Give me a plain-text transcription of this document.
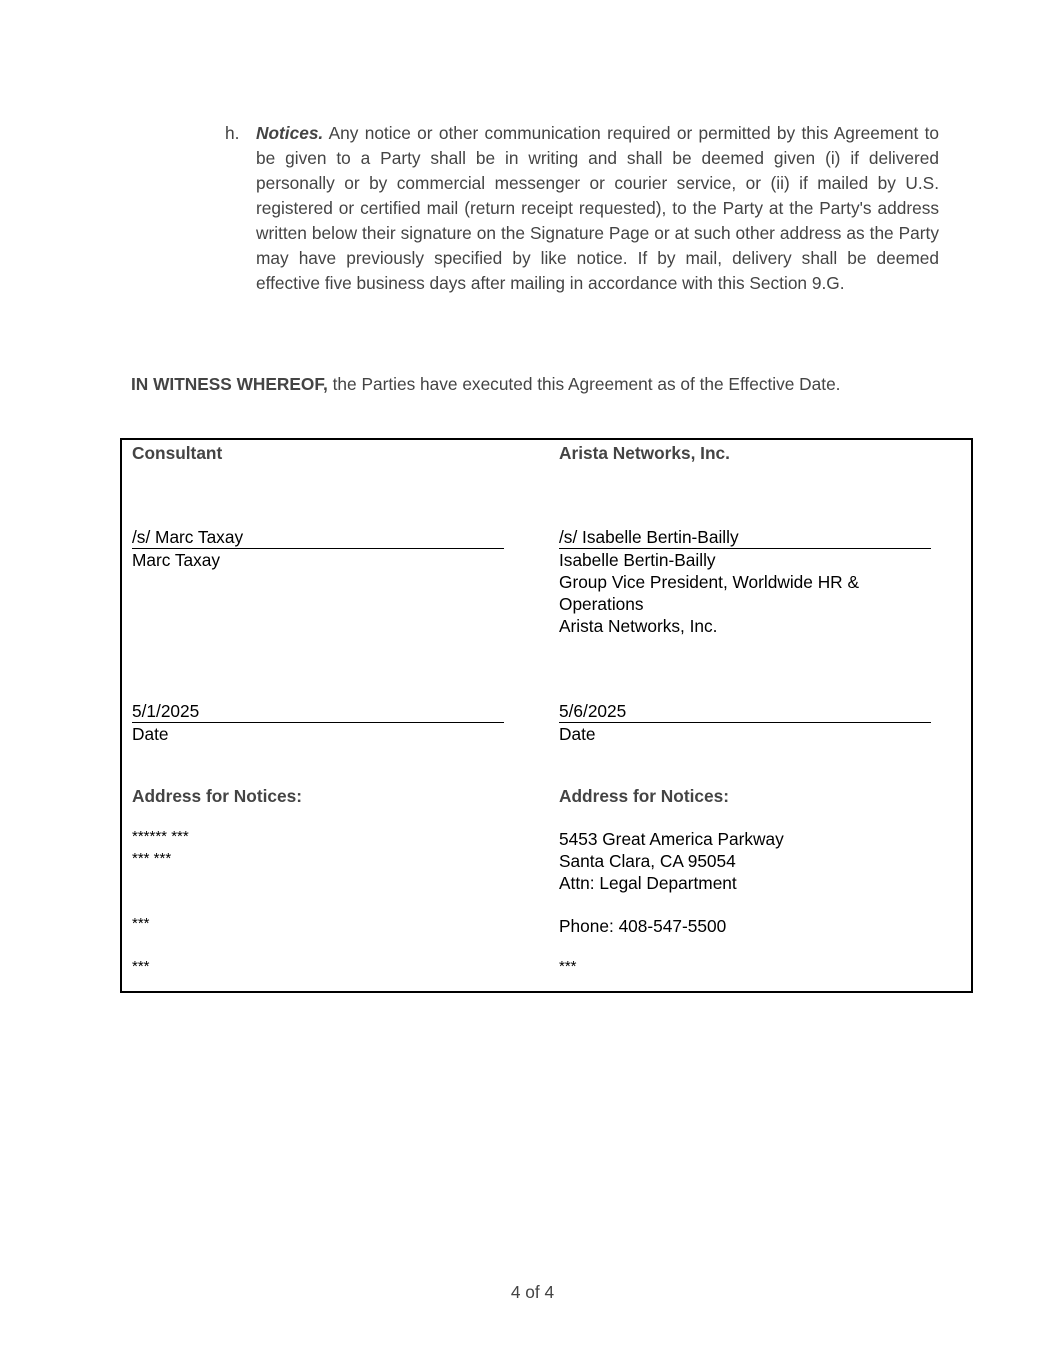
h. Notices. Any notice or other communication required or permitted by this Agreement to be given to a Party shall be in writing and shall be deemed given (i) if delivered personally or by commercial messenger or courier service, or (ii) if mailed by U.S. registered or certified mail (return receipt requested), to the Party at the Party's address written below their signature on the Signature Page or at such other address as the Party may have previously specified by like notice. If by mail, delivery shall be deemed effective five business days after mailing in accordance with this Section 9.G.
IN WITNESS WHEREOF, the Parties have executed this Agreement as of the Effective Date.
Consultant
/s/ Marc Taxay
Marc Taxay
5/1/2025
Date
Address for Notices:
****** ***
*** ***
***
***
Arista Networks, Inc.
/s/ Isabelle Bertin-Bailly
Isabelle Bertin-Bailly
Group Vice President, Worldwide HR &
Operations
Arista Networks, Inc.
5/6/2025
Date
Address for Notices:
5453 Great America Parkway
Santa Clara, CA 95054
Attn: Legal Department
Phone: 408-547-5500
***
4 of 4
